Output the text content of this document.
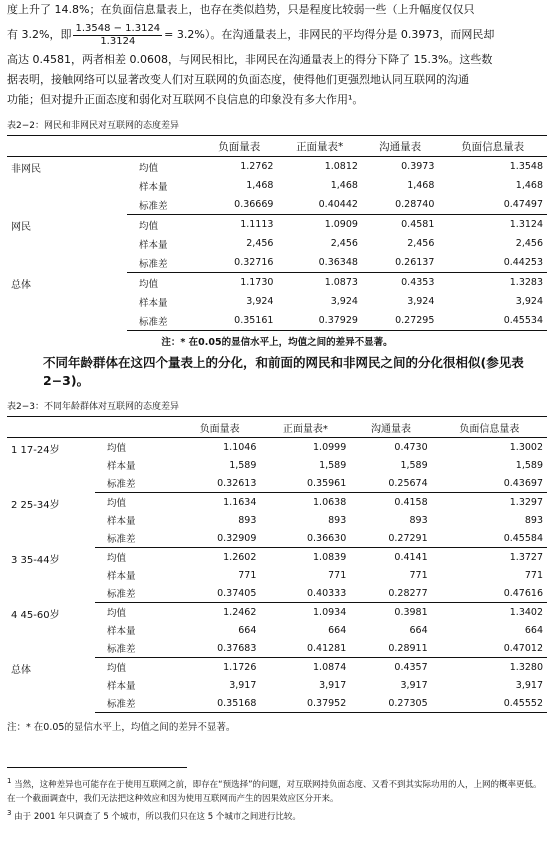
度上升了 14.8%；在负面信息量表上，也存在类似趋势，只是程度比较弱一些（上升幅度仅仅只

有 3.2%，即 $\frac{1.3548 - 1.3124}{1.3124} = 3.2\%$）。在沟通量表上，非网民的平均得分是 0.3973，而网民却

高达 0.4581，两者相差 0.0608，与网民相比，非网民在沟通量表上的得分下降了 15.3%。这些数

据表明，接触网络可以显著改变人们对互联网的负面态度，使得他们更强烈地认同互联网的沟通

功能；但对提升正面态度和弱化对互联网不良信息的印象没有多大作用¹。

表2−2：网民和非网民对互联网的态度差异
		负面量表	正面量表*	沟通量表	负面信息量表
非网民	均值	1.2762	1.0812	0.3973	1.3548
	样本量	1,468	1,468	1,468	1,468
	标准差	0.36669	0.40442	0.28740	0.47497
网民	均值	1.1113	1.0909	0.4581	1.3124
	样本量	2,456	2,456	2,456	2,456
	标准差	0.32716	0.36348	0.26137	0.44253
总体	均值	1.1730	1.0873	0.4353	1.3283
	样本量	3,924	3,924	3,924	3,924
	标准差	0.35161	0.37929	0.27295	0.45534
注：* 在0.05的显信水平上，均值之间的差异不显著。
不同年龄群体在这四个量表上的分化，和前面的网民和非网民之间的分化很相似(参见表2−3)。
表2−3：不同年龄群体对互联网的态度差异
		负面量表	正面量表*	沟通量表	负面信息量表
1 17-24岁	均值	1.1046	1.0999	0.4730	1.3002
	样本量	1,589	1,589	1,589	1,589
	标准差	0.32613	0.35961	0.25674	0.43697
2 25-34岁	均值	1.1634	1.0638	0.4158	1.3297
	样本量	893	893	893	893
	标准差	0.32909	0.36630	0.27291	0.45584
3 35-44岁	均值	1.2602	1.0839	0.4141	1.3727
	样本量	771	771	771	771
	标准差	0.37405	0.40333	0.28277	0.47616
4 45-60岁	均值	1.2462	1.0934	0.3981	1.3402
	样本量	664	664	664	664
	标准差	0.37683	0.41281	0.28911	0.47012
总体	均值	1.1726	1.0874	0.4357	1.3280
	样本量	3,917	3,917	3,917	3,917
	标准差	0.35168	0.37952	0.27305	0.45552
注：* 在0.05的显信水平上，均值之间的差异不显著。

$^1$ 当然，这种差异也可能存在于使用互联网之前，即存在“预选择”的问题，对互联网持负面态度、又看不到其实际功用的人，上网的概率更低。在一个截面调查中，我们无法把这种效应和因为使用互联网而产生的因果效应区分开来。

$^3$ 由于 2001 年只调查了 5 个城市，所以我们只在这 5 个城市之间进行比较。
